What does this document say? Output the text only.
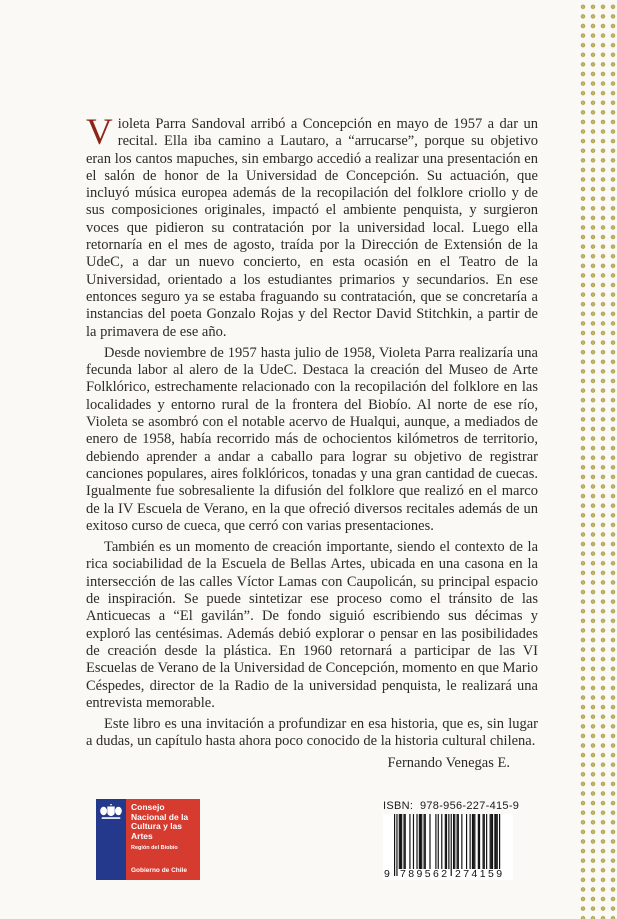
Violeta Parra Sandoval arribó a Concepción en mayo de 1957 a dar un recital. Ella iba camino a Lautaro, a “arrucarse”, porque su objetivo eran los cantos mapuches, sin embargo accedió a realizar una presentación en el salón de honor de la Universidad de Concepción. Su actuación, que incluyó música europea además de la recopilación del folklore criollo y de sus composiciones originales, impactó el ambiente penquista, y surgieron voces que pidieron su contratación por la universidad local. Luego ella retornaría en el mes de agosto, traída por la Dirección de Extensión de la UdeC, a dar un nuevo concierto, en esta ocasión en el Teatro de la Universidad, orientado a los estudiantes primarios y secundarios. En ese entonces seguro ya se estaba fraguando su contratación, que se concretaría a instancias del poeta Gonzalo Rojas y del Rector David Stitchkin, a partir de la primavera de ese año.

Desde noviembre de 1957 hasta julio de 1958, Violeta Parra realizaría una fecunda labor al alero de la UdeC. Destaca la creación del Museo de Arte Folklórico, estrechamente relacionado con la recopilación del folklore en las localidades y entorno rural de la frontera del Biobío. Al norte de ese río, Violeta se asombró con el notable acervo de Hualqui, aunque, a mediados de enero de 1958, había recorrido más de ochocientos kilómetros de territorio, debiendo aprender a andar a caballo para lograr su objetivo de registrar canciones populares, aires folklóricos, tonadas y una gran cantidad de cuecas. Igualmente fue sobresaliente la difusión del folklore que realizó en el marco de la IV Escuela de Verano, en la que ofreció diversos recitales además de un exitoso curso de cueca, que cerró con varias presentaciones.

También es un momento de creación importante, siendo el contexto de la rica sociabilidad de la Escuela de Bellas Artes, ubicada en una casona en la intersección de las calles Víctor Lamas con Caupolicán, su principal espacio de inspiración. Se puede sintetizar ese proceso como el tránsito de las Anticuecas a “El gavilán”. De fondo siguió escribiendo sus décimas y exploró las centésimas. Además debió explorar o pensar en las posibilidades de creación desde la plástica. En 1960 retornará a participar de las VI Escuelas de Verano de la Universidad de Concepción, momento en que Mario Céspedes, director de la Radio de la universidad penquista, le realizará una entrevista memorable.

Este libro es una invitación a profundizar en esa historia, que es, sin lugar a dudas, un capítulo hasta ahora poco conocido de la historia cultural chilena.

Fernando Venegas E.

Consejo Nacional de la Cultura y las Artes
Región del Biobío
Gobierno de Chile
ISBN:  978-956-227-415-9
9 789562 274159
